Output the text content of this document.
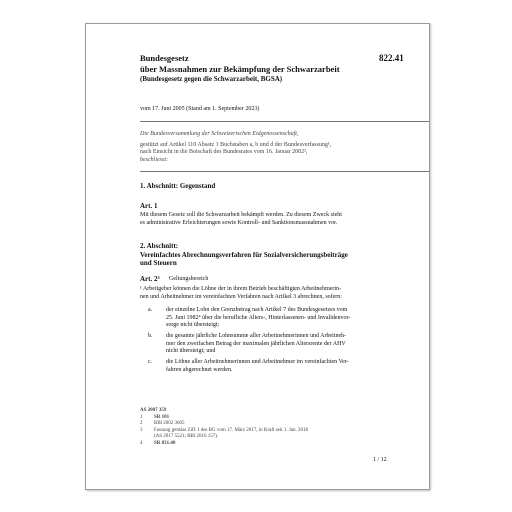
822.41
Bundesgesetz
über Massnahmen zur Bekämpfung der Schwarzarbeit
(Bundesgesetz gegen die Schwarzarbeit, BGSA)
vom 17. Juni 2005 (Stand am 1. September 2023)
Die Bundesversammlung der Schweizerischen Eidgenossenschaft,
gestützt auf Artikel 110 Absatz 1 Buchstaben a, b und d der Bundesverfassung¹,
nach Einsicht in die Botschaft des Bundesrates vom 16. Januar 2002²,
beschliesst:
1. Abschnitt: Gegenstand
Art. 1
Mit diesem Gesetz soll die Schwarzarbeit bekämpft werden. Zu diesem Zweck sieht
es administrative Erleichterungen sowie Kontroll- und Sanktionsmassnahmen vor.
2. Abschnitt:
Vereinfachtes Abrechnungsverfahren für Sozialversicherungsbeiträge
und Steuern
Art. 2³ Geltungsbereich
¹ Arbeitgeber können die Löhne der in ihrem Betrieb beschäftigten Arbeitnehmerin-
nen und Arbeitnehmer im vereinfachten Verfahren nach Artikel 3 abrechnen, sofern:
a. der einzelne Lohn den Grenzbetrag nach Artikel 7 des Bundesgesetzes vom
25. Juni 1982⁴ über die berufliche Alters-, Hinterlassenen- und Invalidenvor-
sorge nicht übersteigt;
b. die gesamte jährliche Lohnsumme aller Arbeitnehmerinnen und Arbeitneh-
mer den zweifachen Betrag der maximalen jährlichen Altersrente der AHV
nicht übersteigt; und
c. die Löhne aller Arbeitnehmerinnen und Arbeitnehmer im vereinfachten Ver-
fahren abgerechnet werden.
AS 2007 359
1 SR 101
2 BBl 2002 3605
3 Fassung gemäss Ziff. I des BG vom 17. März 2017, in Kraft seit 1. Jan. 2018
(AS 2017 5521; BBl 2016 157).
4 SR 831.40
1 / 12
